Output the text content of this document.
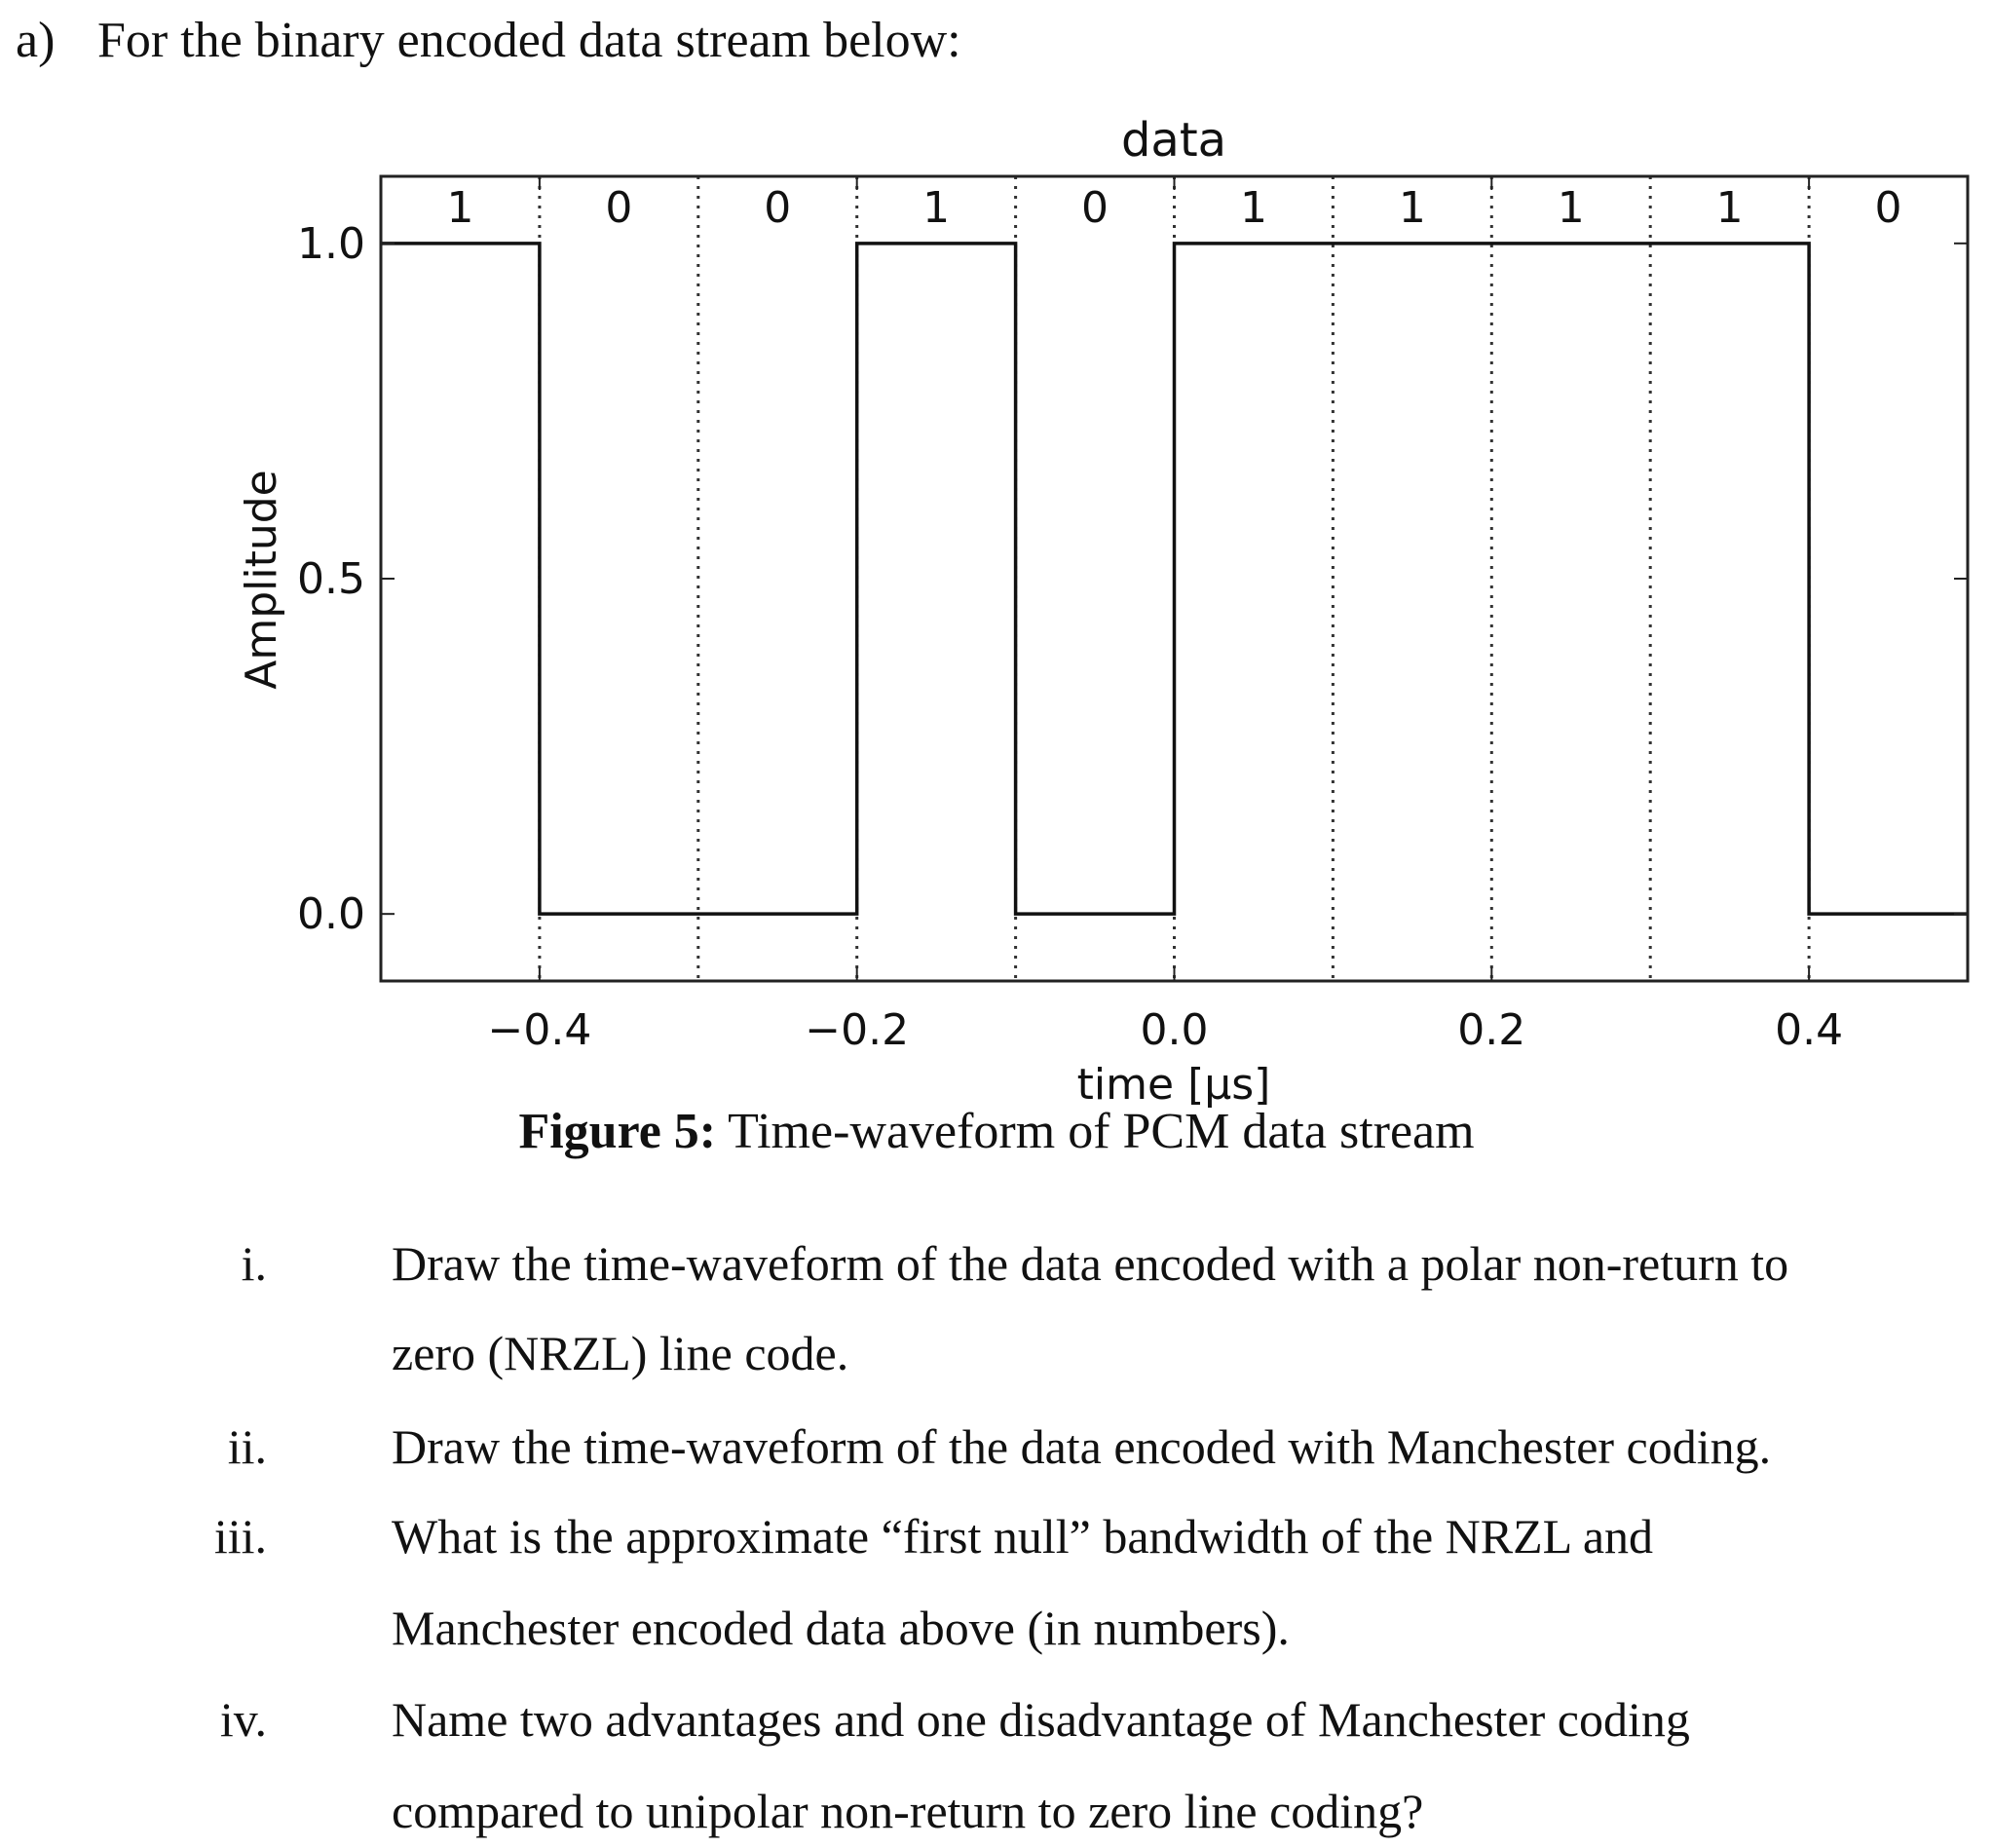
a) For the binary encoded data stream below:
−0.4	−0.2	0.0	0.2	0.4
0.0
0.5
1.0
1	0	0	1	0	1	1	1	1	0
data
time [μs]
Amplitude
Figure 5: Time-waveform of PCM data stream
i.	Draw the time-waveform of the data encoded with a polar non-return to
zero (NRZL) line code.
ii.	Draw the time-waveform of the data encoded with Manchester coding.
iii.	What is the approximate “first null” bandwidth of the NRZL and
Manchester encoded data above (in numbers).
iv.	Name two advantages and one disadvantage of Manchester coding
compared to unipolar non-return to zero line coding?
